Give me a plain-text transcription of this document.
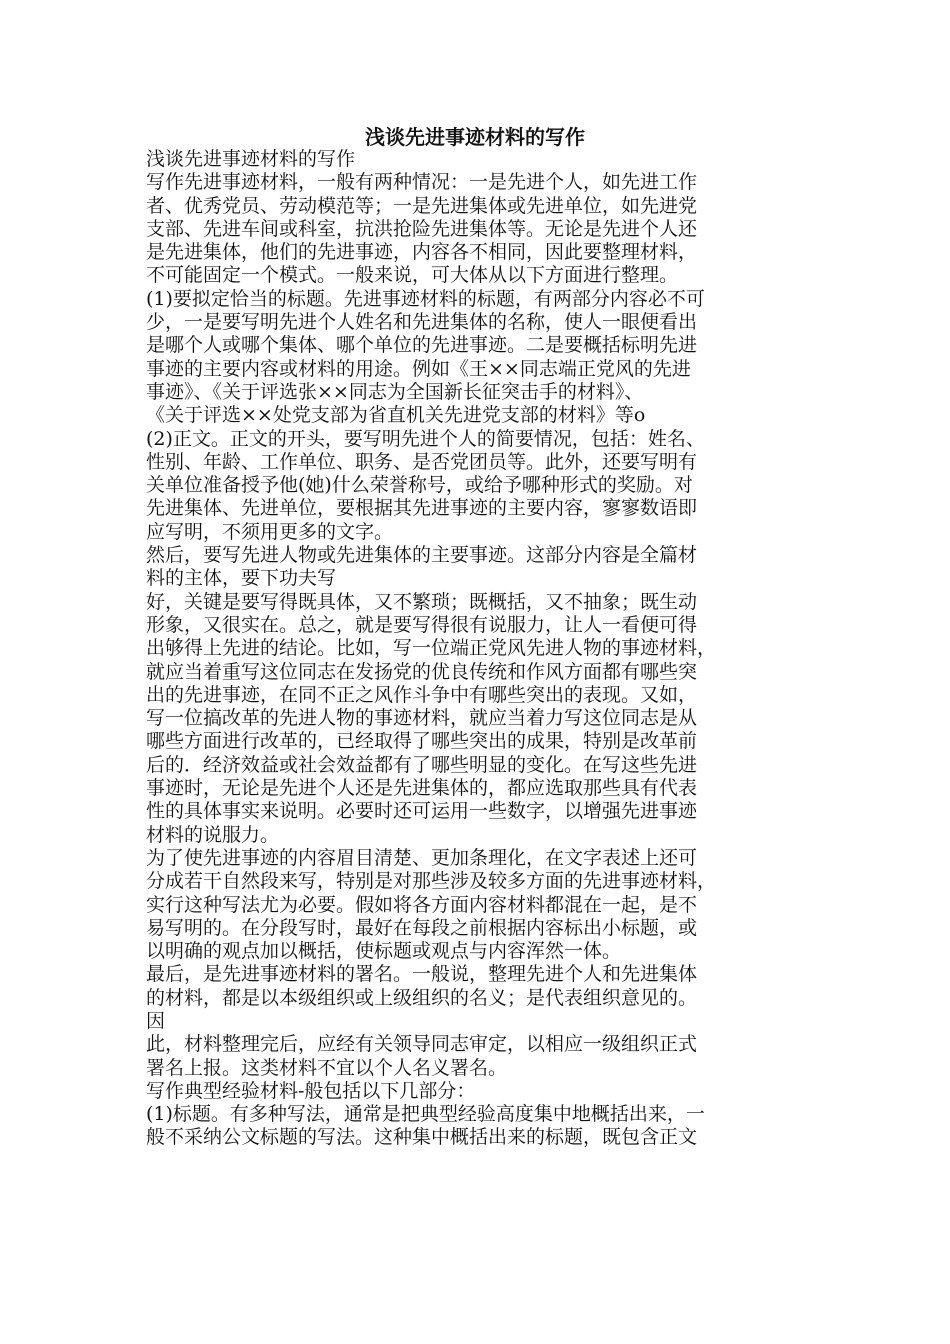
浅谈先进事迹材料的写作
浅谈先进事迹材料的写作
写作先进事迹材料，一般有两种情况：一是先进个人，如先进工作
者、优秀党员、劳动模范等；一是先进集体或先进单位，如先进党
支部、先进车间或科室，抗洪抢险先进集体等。无论是先进个人还
是先进集体，他们的先进事迹，内容各不相同，因此要整理材料，
不可能固定一个模式。一般来说，可大体从以下方面进行整理。
(1)要拟定恰当的标题。先进事迹材料的标题，有两部分内容必不可
少，一是要写明先进个人姓名和先进集体的名称，使人一眼便看出
是哪个人或哪个集体、哪个单位的先进事迹。二是要概括标明先进
事迹的主要内容或材料的用途。例如《王××同志端正党风的先进
事迹》、《关于评选张××同志为全国新长征突击手的材料》、
《关于评选××处党支部为省直机关先进党支部的材料》等o
(2)正文。正文的开头，要写明先进个人的简要情况，包括：姓名、
性别、年龄、工作单位、职务、是否党团员等。此外，还要写明有
关单位准备授予他(她)什么荣誉称号，或给予哪种形式的奖励。对
先进集体、先进单位，要根据其先进事迹的主要内容，寥寥数语即
应写明，不须用更多的文字。
然后，要写先进人物或先进集体的主要事迹。这部分内容是全篇材
料的主体，要下功夫写
好，关键是要写得既具体，又不繁琐；既概括，又不抽象；既生动
形象，又很实在。总之，就是要写得很有说服力，让人一看便可得
出够得上先进的结论。比如，写一位端正党风先进人物的事迹材料，
就应当着重写这位同志在发扬党的优良传统和作风方面都有哪些突
出的先进事迹，在同不正之风作斗争中有哪些突出的表现。又如，
写一位搞改革的先进人物的事迹材料，就应当着力写这位同志是从
哪些方面进行改革的，已经取得了哪些突出的成果，特别是改革前
后的．经济效益或社会效益都有了哪些明显的变化。在写这些先进
事迹时，无论是先进个人还是先进集体的，都应选取那些具有代表
性的具体事实来说明。必要时还可运用一些数字，以增强先进事迹
材料的说服力。
为了使先进事迹的内容眉目清楚、更加条理化，在文字表述上还可
分成若干自然段来写，特别是对那些涉及较多方面的先进事迹材料，
实行这种写法尤为必要。假如将各方面内容材料都混在一起，是不
易写明的。在分段写时，最好在每段之前根据内容标出小标题，或
以明确的观点加以概括，使标题或观点与内容浑然一体。
最后，是先进事迹材料的署名。一般说，整理先进个人和先进集体
的材料，都是以本级组织或上级组织的名义；是代表组织意见的。
因
此，材料整理完后，应经有关领导同志审定，以相应一级组织正式
署名上报。这类材料不宜以个人名义署名。
写作典型经验材料-般包括以下几部分：
(1)标题。有多种写法，通常是把典型经验高度集中地概括出来，一
般不采纳公文标题的写法。这种集中概括出来的标题，既包含正文
